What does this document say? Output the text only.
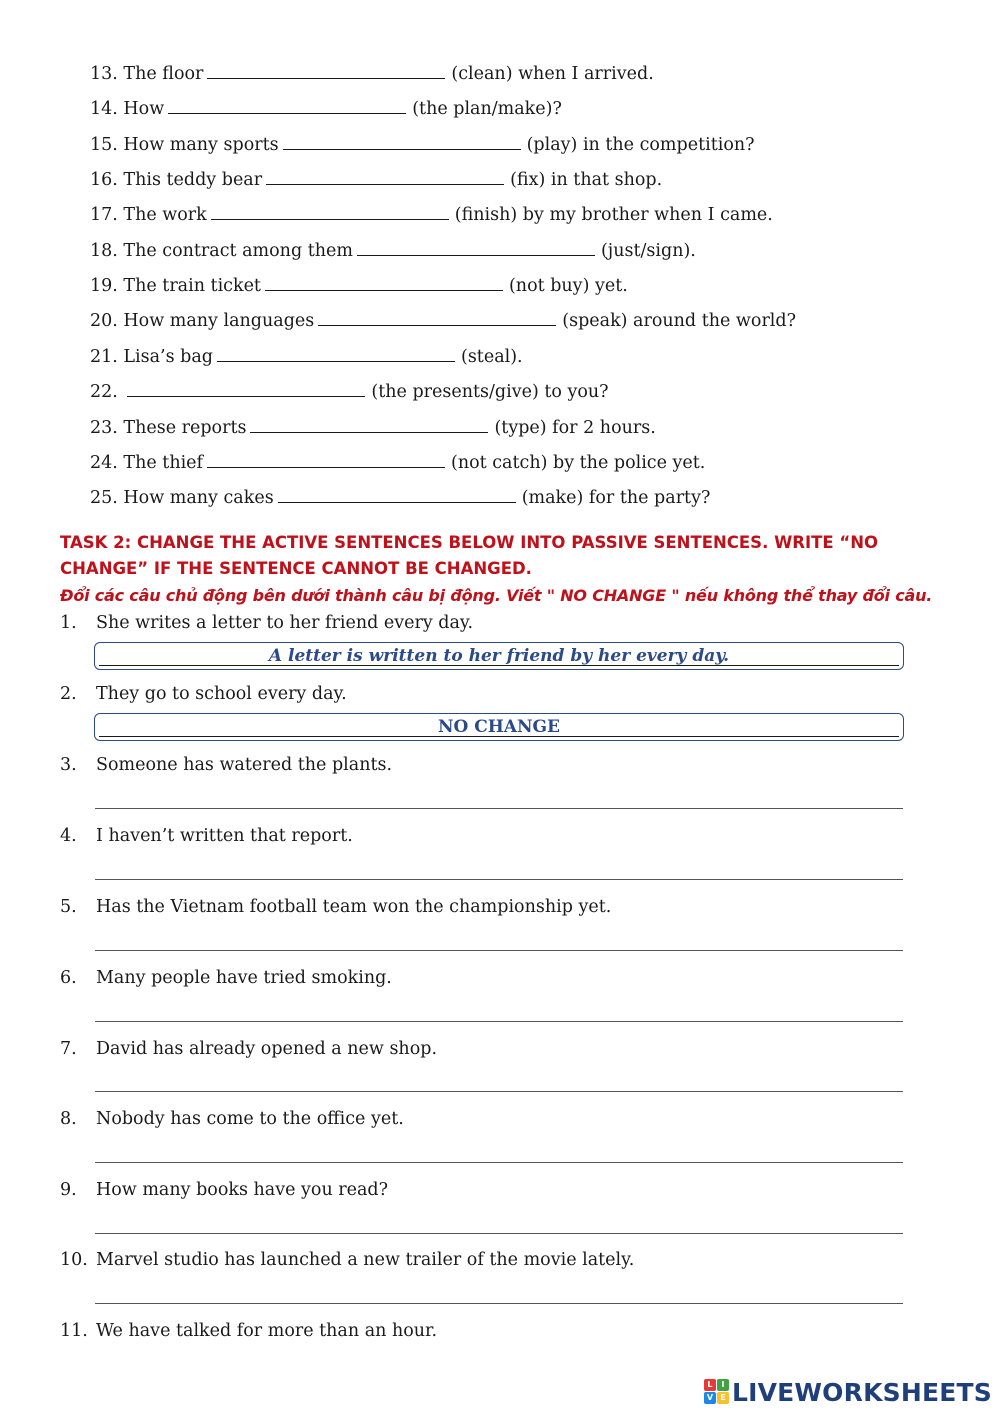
13. The floor	(clean) when I arrived.
14. How	(the plan/make)?
15. How many sports	(play) in the competition?
16. This teddy bear	(fix) in that shop.
17. The work	(finish) by my brother when I came.
18. The contract among them	(just/sign).
19. The train ticket	(not buy) yet.
20. How many languages	(speak) around the world?
21. Lisa’s bag	(steal).
22.	(the presents/give) to you?
23. These reports	(type) for 2 hours.
24. The thief	(not catch) by the police yet.
25. How many cakes	(make) for the party?
TASK 2: CHANGE THE ACTIVE SENTENCES BELOW INTO PASSIVE SENTENCES. WRITE “NO CHANGE” IF THE SENTENCE CANNOT BE CHANGED.
Đổi các câu chủ động bên dưới thành câu bị động. Viết " NO CHANGE " nếu không thể thay đổi câu.
1. She writes a letter to her friend every day.
A letter is written to her friend by her every day.
2. They go to school every day.
NO CHANGE
3. Someone has watered the plants.
4. I haven’t written that report.
5. Has the Vietnam football team won the championship yet.
6. Many people have tried smoking.
7. David has already opened a new shop.
8. Nobody has come to the office yet.
9. How many books have you read?
10. Marvel studio has launched a new trailer of the movie lately.
11. We have talked for more than an hour.
L	I
V E LIVEWORKSHEETS
